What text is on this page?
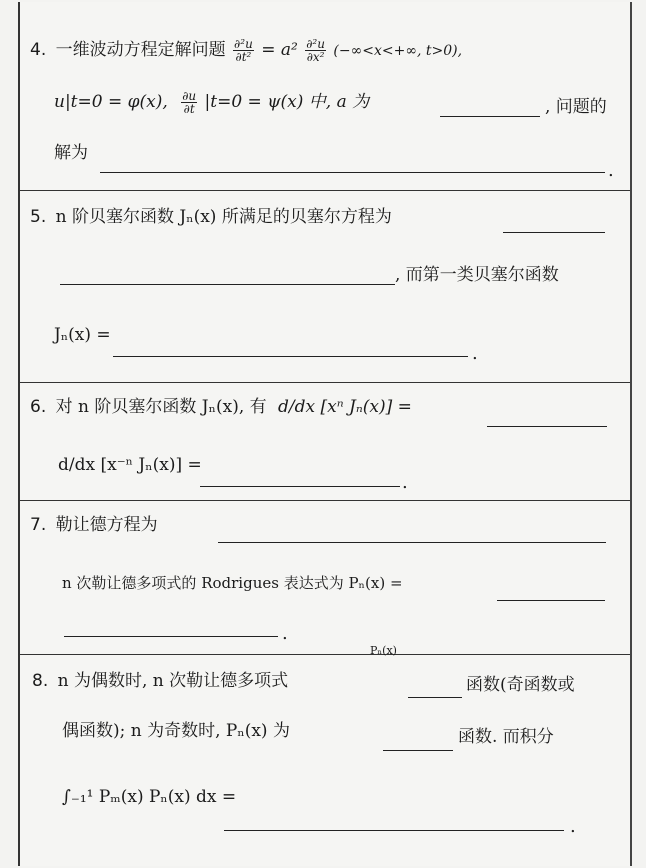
4. 一维波动方程定解问题 $\frac{\text{∂²u}}{\text{∂t²}} = a^2 \frac{\text{∂²u}}{\text{∂x²}} (-\infty<x<+\infty$, t>0),
u|t=0 = φ(x), $\frac{\partial u}{\partial t} |t=0 = \psi(x)$ 中, a 为	, 问题的
解为
.
5. n 阶贝塞尔函数 Jₙ(x) 所满足的贝塞尔方程为
, 而第一类贝塞尔函数
Jₙ(x) =
.
6. 对 n 阶贝塞尔函数 Jₙ(x), 有 d/dx [xⁿ Jₙ(x)] =
d/dx [x⁻ⁿ Jₙ(x)] =
.
7. 勒让德方程为
n 次勒让德多项式的 Rodrigues 表达式为 Pₙ(x) =
.
Pₙ(x)
8. n 为偶数时, n 次勒让德多项式	函数(奇函数或
偶函数); n 为奇数时, Pₙ(x) 为	函数. 而积分
∫₋₁¹ Pₘ(x) Pₙ(x) dx =
.
